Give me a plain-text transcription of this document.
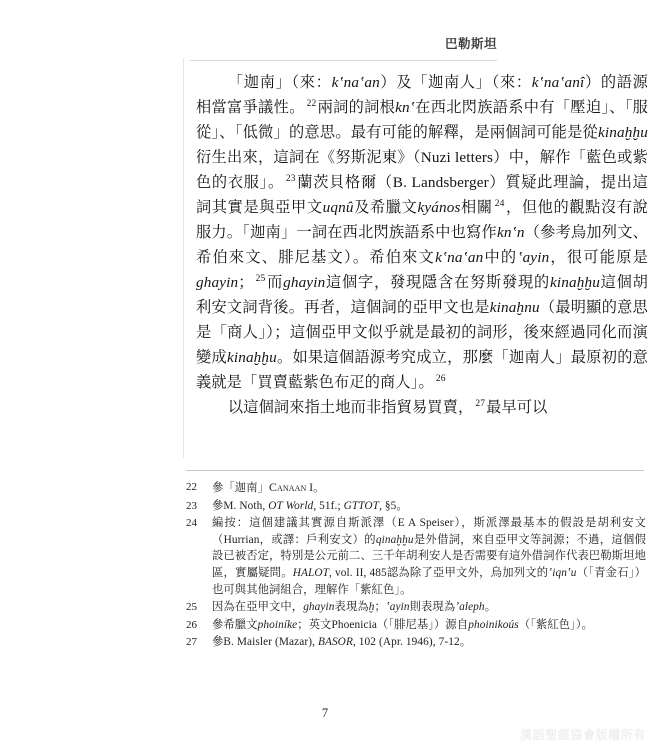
巴勒斯坦

「迦南」（來：kʽnaʽan）及「迦南人」（來：kʽnaʽanî）的語源相當富爭議性。 $^{22}$兩詞的詞根knʽ在西北閃族語系中有「壓迫」、「服從」、「低微」的意思。最有可能的解釋，是兩個詞可能是從kinaḫḫu衍生出來，這詞在《努斯泥東》（Nuzi letters）中，解作「藍色或紫色的衣服」。 $^{23}$蘭茨貝格爾（B. Landsberger）質疑此理論，提出這詞其實是與亞甲文uqnû及希臘文kyános相關 $^{24}$，但他的觀點沒有說服力。「迦南」一詞在西北閃族語系中也寫作knʽn（參考烏加列文、希伯來文、腓尼基文）。希伯來文kʽnaʽan中的ʽayin，很可能原是ghayin； $^{25}$而ghayin這個字，發現隱含在努斯發現的kinaḫḫu這個胡利安文詞背後。再者，這個詞的亞甲文也是kinaḫnu（最明顯的意思是「商人」）；這個亞甲文似乎就是最初的詞形，後來經過同化而演變成kinaḫḫu。如果這個語源考究成立，那麼「迦南人」最原初的意義就是「買賣藍紫色布疋的商人」。 $^{26}$

以這個詞來指土地而非指貿易買賣， $^{27}$最早可以

22	參「迦南」Canaan I。
23	參M. Noth, OT World, 51f.; GTTOT, §5。
24	編按：這個建議其實源自斯派澤（E A Speiser），斯派澤最基本的假設是胡利安文（Hurrian，或譯：戶利安文）的qinaḫḫu是外借詞，來自亞甲文等詞源；不過，這個假設已被否定，特別是公元前二、三千年胡利安人是否需要有這外借詞作代表巴勒斯坦地區，實屬疑問。HALOT, vol. II, 485認為除了亞甲文外，烏加列文的ʽiqnʽu（「青金石」）也可與其他詞組合，理解作「紫紅色」。
25	因為在亞甲文中，ghayin表現為ḫ；ʽayin則表現為ʼaleph。
26	參希臘文phoiníke；英文Phoenicia（「腓尼基」）源自phoinikoús（「紫紅色」）。
27	參B. Maisler (Mazar), BASOR, 102 (Apr. 1946), 7-12。
7
漢語聖經協會版權所有
